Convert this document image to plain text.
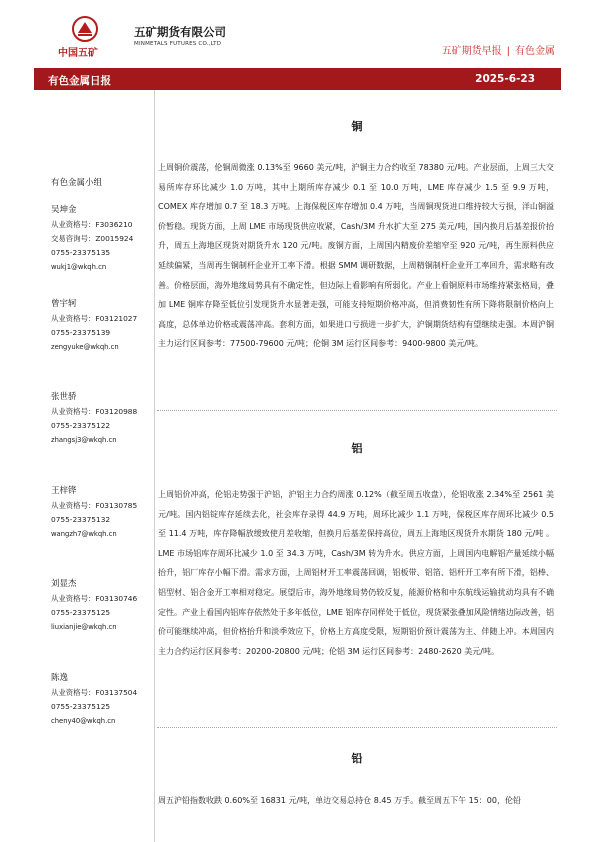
中国五矿
五矿期货有限公司
MINMETALS FUTURES CO.,LTD
五矿期货早报 | 有色金属
有色金属日报	2025-6-23
有色金属小组
吴坤金
从业资格号：F3036210
交易咨询号：Z0015924
0755-23375135
wukj1@wkqh.cn
曾宇轲
从业资格号：F03121027
0755-23375139
zengyuke@wkqh.cn
张世骄
从业资格号：F03120988
0755-23375122
zhangsj3@wkqh.cn
王梓铧
从业资格号：F03130785
0755-23375132
wangzh7@wkqh.cn
刘显杰
从业资格号：F03130746
0755-23375125
liuxianjie@wkqh.cn
陈逸
从业资格号：F03137504
0755-23375125
cheny40@wkqh.cn
铜
上周铜价震荡，伦铜周微涨 0.13%至 9660 美元/吨，沪铜主力合约收至 78380 元/吨。产业层面，上周三大交易所库存环比减少 1.0 万吨，其中上期所库存减少 0.1 至 10.0 万吨，LME 库存减少 1.5 至 9.9 万吨，COMEX 库存增加 0.7 至 18.3 万吨。上海保税区库存增加 0.4 万吨，当周铜现货进口维持较大亏损，洋山铜溢价暂稳。现货方面，上周 LME 市场现货供应收紧，Cash/3M 升水扩大至 275 美元/吨，国内换月后基差报价抬升，周五上海地区现货对期货升水 120 元/吨。废铜方面，上周国内精废价差缩窄至 920 元/吨，再生原料供应延续偏紧，当周再生铜制杆企业开工率下滑。根据 SMM 调研数据，上周精铜制杆企业开工率回升，需求略有改善。价格层面，海外地缘局势具有不确定性，但边际上看影响有所弱化。产业上看铜原料市场维持紧张格局，叠加 LME 铜库存降至低位引发现货升水显著走强，可能支持短期价格冲高，但消费韧性有所下降将限制价格向上高度，总体单边价格或震荡冲高。套利方面，如果进口亏损进一步扩大，沪铜期货结构有望继续走强。本周沪铜主力运行区间参考：77500-79600 元/吨；伦铜 3M 运行区间参考：9400-9800 美元/吨。
铝
上周铝价冲高，伦铝走势强于沪铝，沪铝主力合约周涨 0.12%（截至周五收盘），伦铝收涨 2.34%至 2561 美元/吨。国内铝锭库存延续去化，社会库存录得 44.9 万吨，周环比减少 1.1 万吨，保税区库存周环比减少 0.5 至 11.4 万吨，库存降幅放缓致使月差收缩，但换月后基差保持高位，周五上海地区现货升水期货 180 元/吨 。LME 市场铝库存周环比减少 1.0 至 34.3 万吨，Cash/3M 转为升水。供应方面，上周国内电解铝产量延续小幅抬升，铝厂库存小幅下滑。需求方面，上周铝材开工率震荡回调，铝板带、铝箔、铝杆开工率有所下滑，铝棒、铝型材、铝合金开工率相对稳定。展望后市，海外地缘局势仍较反复，能源价格和中东航线运输扰动均具有不确定性。产业上看国内铝库存依然处于多年低位，LME 铝库存同样处于低位，现货紧张叠加风险情绪边际改善，铝价可能继续冲高，但价格抬升和淡季效应下，价格上方高度受限，短期铝价预计震荡为主、伴随上冲。本周国内主力合约运行区间参考：20200-20800 元/吨；伦铝 3M 运行区间参考：2480-2620 美元/吨。
铅
周五沪铅指数收跌 0.60%至 16831 元/吨，单边交易总持仓 8.45 万手。截至周五下午 15：00，伦铅
